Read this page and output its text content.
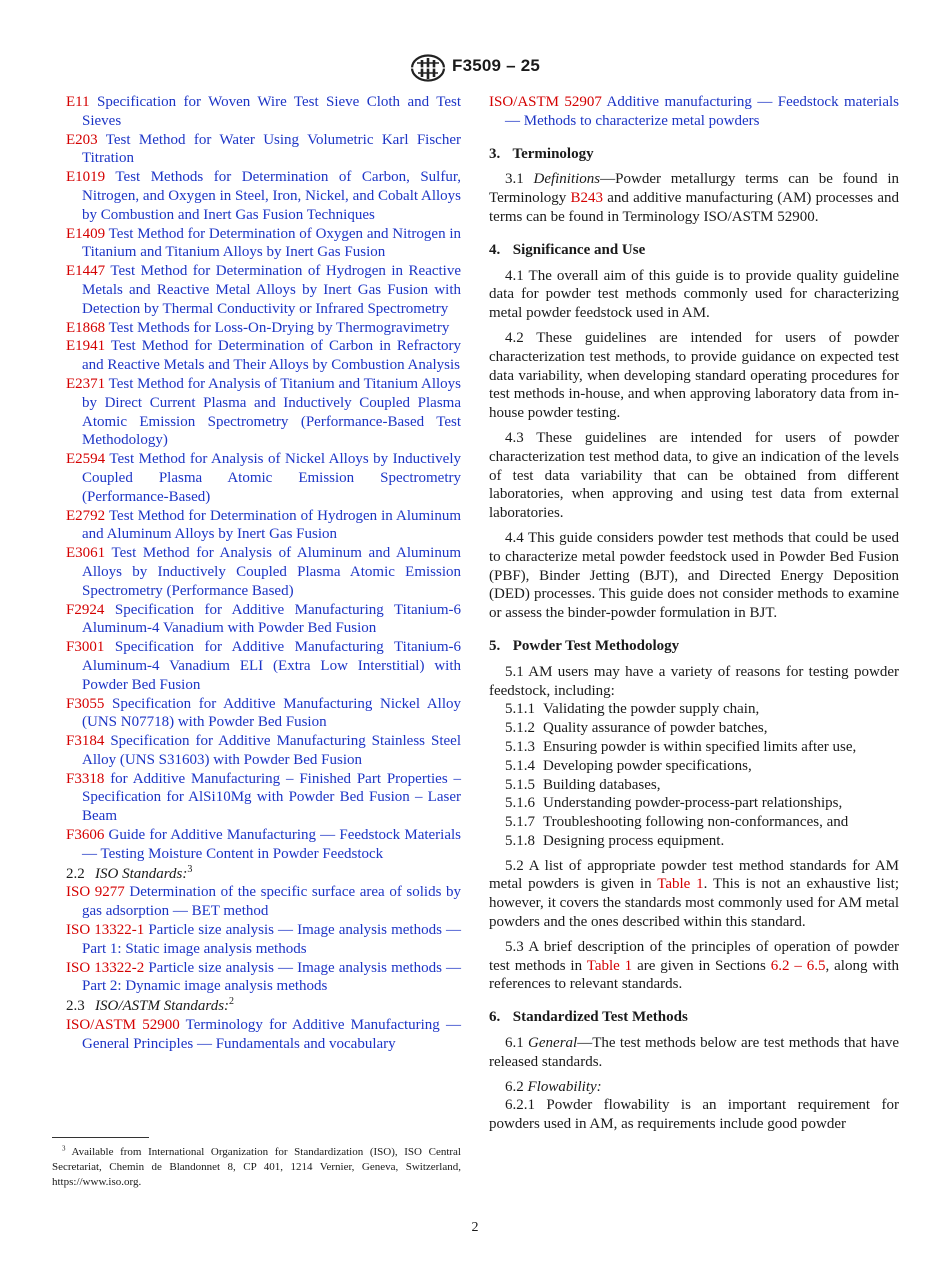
F3509 – 25
E11 Specification for Woven Wire Test Sieve Cloth and Test Sieves
E203 Test Method for Water Using Volumetric Karl Fischer Titration
E1019 Test Methods for Determination of Carbon, Sulfur, Nitrogen, and Oxygen in Steel, Iron, Nickel, and Cobalt Alloys by Combustion and Inert Gas Fusion Techniques
E1409 Test Method for Determination of Oxygen and Nitrogen in Titanium and Titanium Alloys by Inert Gas Fusion
E1447 Test Method for Determination of Hydrogen in Reactive Metals and Reactive Metal Alloys by Inert Gas Fusion with Detection by Thermal Conductivity or Infrared Spectrometry
E1868 Test Methods for Loss-On-Drying by Thermogravimetry
E1941 Test Method for Determination of Carbon in Refractory and Reactive Metals and Their Alloys by Combustion Analysis
E2371 Test Method for Analysis of Titanium and Titanium Alloys by Direct Current Plasma and Inductively Coupled Plasma Atomic Emission Spectrometry (Performance-Based Test Methodology)
E2594 Test Method for Analysis of Nickel Alloys by Inductively Coupled Plasma Atomic Emission Spectrometry (Performance-Based)
E2792 Test Method for Determination of Hydrogen in Aluminum and Aluminum Alloys by Inert Gas Fusion
E3061 Test Method for Analysis of Aluminum and Aluminum Alloys by Inductively Coupled Plasma Atomic Emission Spectrometry (Performance Based)
F2924 Specification for Additive Manufacturing Titanium-6 Aluminum-4 Vanadium with Powder Bed Fusion
F3001 Specification for Additive Manufacturing Titanium-6 Aluminum-4 Vanadium ELI (Extra Low Interstitial) with Powder Bed Fusion
F3055 Specification for Additive Manufacturing Nickel Alloy (UNS N07718) with Powder Bed Fusion
F3184 Specification for Additive Manufacturing Stainless Steel Alloy (UNS S31603) with Powder Bed Fusion
F3318 for Additive Manufacturing – Finished Part Properties – Specification for AlSi10Mg with Powder Bed Fusion – Laser Beam
F3606 Guide for Additive Manufacturing — Feedstock Materials — Testing Moisture Content in Powder Feedstock
2.2 ISO Standards:$^3$
ISO 9277 Determination of the specific surface area of solids by gas adsorption — BET method
ISO 13322-1 Particle size analysis — Image analysis methods — Part 1: Static image analysis methods
ISO 13322-2 Particle size analysis — Image analysis methods — Part 2: Dynamic image analysis methods
2.3 ISO/ASTM Standards:$^2$
ISO/ASTM 52900 Terminology for Additive Manufacturing — General Principles — Fundamentals and vocabulary
ISO/ASTM 52907 Additive manufacturing — Feedstock materials — Methods to characterize metal powders
3. Terminology
3.1 Definitions—Powder metallurgy terms can be found in Terminology B243 and additive manufacturing (AM) processes and terms can be found in Terminology ISO/ASTM 52900.
4. Significance and Use
4.1 The overall aim of this guide is to provide quality guideline data for powder test methods commonly used for characterizing metal powder feedstock used in AM.
4.2 These guidelines are intended for users of powder characterization test methods, to provide guidance on expected test data variability, when developing standard operating procedures for test methods in-house, and when approving laboratory data from in-house powder testing.
4.3 These guidelines are intended for users of powder characterization test method data, to give an indication of the levels of test data variability that can be obtained from different laboratories, when approving and using test data from external laboratories.
4.4 This guide considers powder test methods that could be used to characterize metal powder feedstock used in Powder Bed Fusion (PBF), Binder Jetting (BJT), and Directed Energy Deposition (DED) processes. This guide does not consider methods to examine or assess the binder-powder formulation in BJT.
5. Powder Test Methodology
5.1 AM users may have a variety of reasons for testing powder feedstock, including:
5.1.1 Validating the powder supply chain,
5.1.2 Quality assurance of powder batches,
5.1.3 Ensuring powder is within specified limits after use,
5.1.4 Developing powder specifications,
5.1.5 Building databases,
5.1.6 Understanding powder-process-part relationships,
5.1.7 Troubleshooting following non-conformances, and
5.1.8 Designing process equipment.
5.2 A list of appropriate powder test method standards for AM metal powders is given in Table 1. This is not an exhaustive list; however, it covers the standards most commonly used for AM metal powders and the ones described within this standard.
5.3 A brief description of the principles of operation of powder test methods in Table 1 are given in Sections 6.2 – 6.5, along with references to relevant standards.
6. Standardized Test Methods
6.1 General—The test methods below are test methods that have released standards.
6.2 Flowability:
6.2.1 Powder flowability is an important requirement for powders used in AM, as requirements include good powder
$^3$ Available from International Organization for Standardization (ISO), ISO Central Secretariat, Chemin de Blandonnet 8, CP 401, 1214 Vernier, Geneva, Switzerland, https://www.iso.org.
2
